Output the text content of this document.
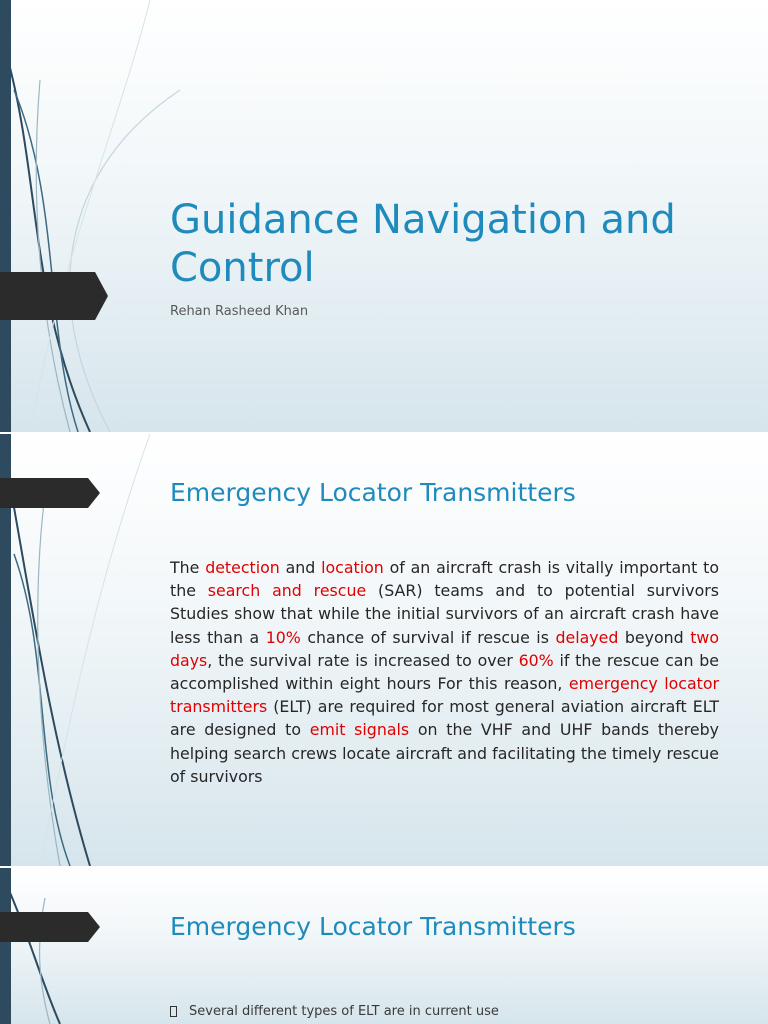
Guidance Navigation and Control
Rehan Rasheed Khan
Emergency Locator Transmitters
The detection and location of an aircraft crash is vitally important to the search and rescue (SAR) teams and to potential survivors Studies show that while the initial survivors of an aircraft crash have less than a 10% chance of survival if rescue is delayed beyond two days, the survival rate is increased to over 60% if the rescue can be accomplished within eight hours For this reason, emergency locator transmitters (ELT) are required for most general aviation aircraft ELT are designed to emit signals on the VHF and UHF bands thereby helping search crews locate aircraft and facilitating the timely rescue of survivors
Emergency Locator Transmitters
Several different types of ELT are in current use
